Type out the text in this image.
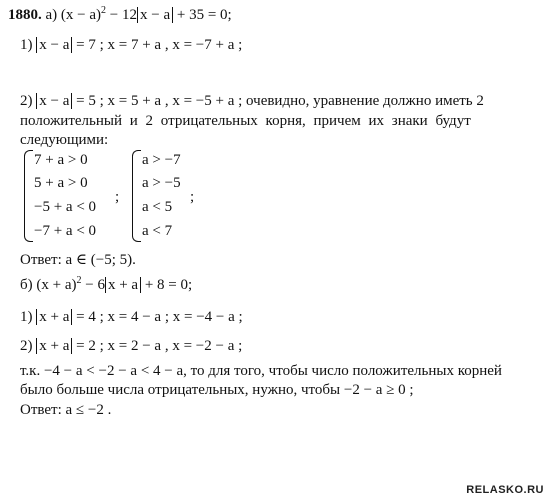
1880. а) $(x - a)^2 - 12$ x − a + 35 = 0;
1) x − a = 7 ; x = 7 + a , x = −7 + a ;
2) x − a = 5 ; x = 5 + a , x = −5 + a ; очевидно, уравнение должно иметь 2
положительный и 2 отрицательных корня, причем их знаки будут
следующими:
7 + a > 0
5 + a > 0
−5 + a < 0
−7 + a < 0
;
a > −7
a > −5
a < 5
a < 7
;
Ответ: a ∈ (−5; 5).
б) $(x + a)^2 - 6$ x + a + 8 = 0;
1) x + a = 4 ; x = 4 − a ; x = −4 − a ;
2) x + a = 2 ; x = 2 − a , x = −2 − a ;
т.к. −4 − a < −2 − a < 4 − a, то для того, чтобы число положительных корней
было больше числа отрицательных, нужно, чтобы −2 − a ≥ 0 ;
Ответ: a ≤ −2 .
RELASKO.RU
